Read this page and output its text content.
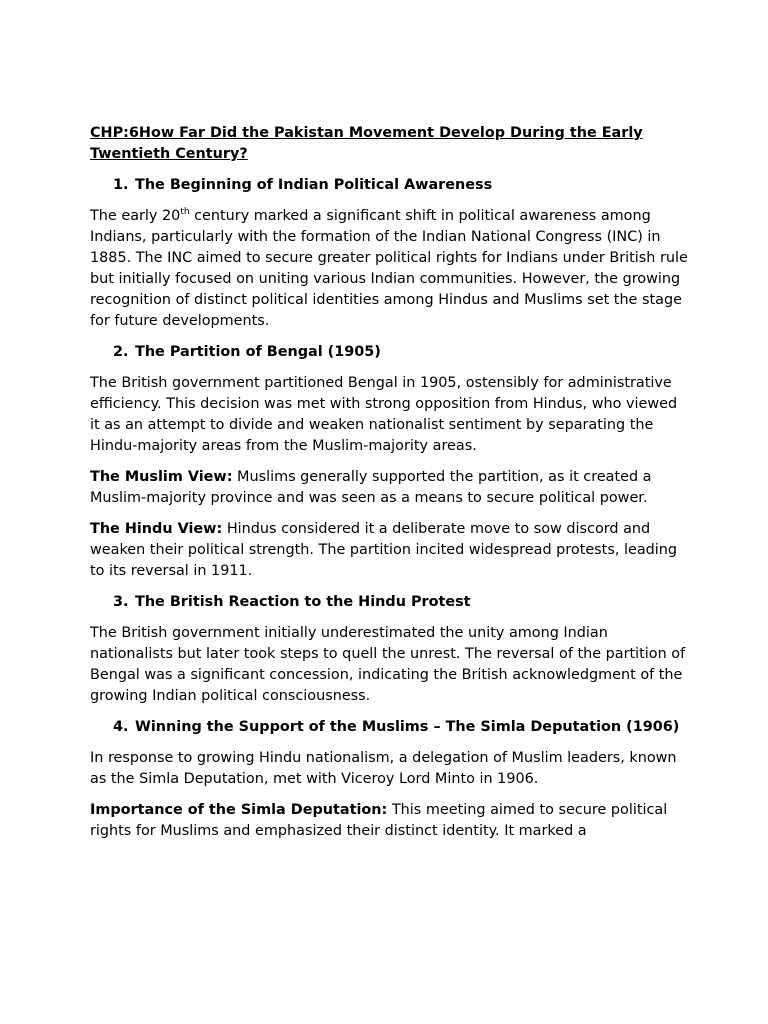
CHP:6How Far Did the Pakistan Movement Develop During the Early Twentieth Century?
1. The Beginning of Indian Political Awareness
The early 20th century marked a significant shift in political awareness among Indians, particularly with the formation of the Indian National Congress (INC) in 1885. The INC aimed to secure greater political rights for Indians under British rule but initially focused on uniting various Indian communities. However, the growing recognition of distinct political identities among Hindus and Muslims set the stage for future developments.
2. The Partition of Bengal (1905)
The British government partitioned Bengal in 1905, ostensibly for administrative efficiency. This decision was met with strong opposition from Hindus, who viewed it as an attempt to divide and weaken nationalist sentiment by separating the Hindu-majority areas from the Muslim-majority areas.
The Muslim View: Muslims generally supported the partition, as it created a Muslim-majority province and was seen as a means to secure political power.
The Hindu View: Hindus considered it a deliberate move to sow discord and weaken their political strength. The partition incited widespread protests, leading to its reversal in 1911.
3. The British Reaction to the Hindu Protest
The British government initially underestimated the unity among Indian nationalists but later took steps to quell the unrest. The reversal of the partition of Bengal was a significant concession, indicating the British acknowledgment of the growing Indian political consciousness.
4. Winning the Support of the Muslims – The Simla Deputation (1906)
In response to growing Hindu nationalism, a delegation of Muslim leaders, known as the Simla Deputation, met with Viceroy Lord Minto in 1906.
Importance of the Simla Deputation: This meeting aimed to secure political rights for Muslims and emphasized their distinct identity. It marked a
